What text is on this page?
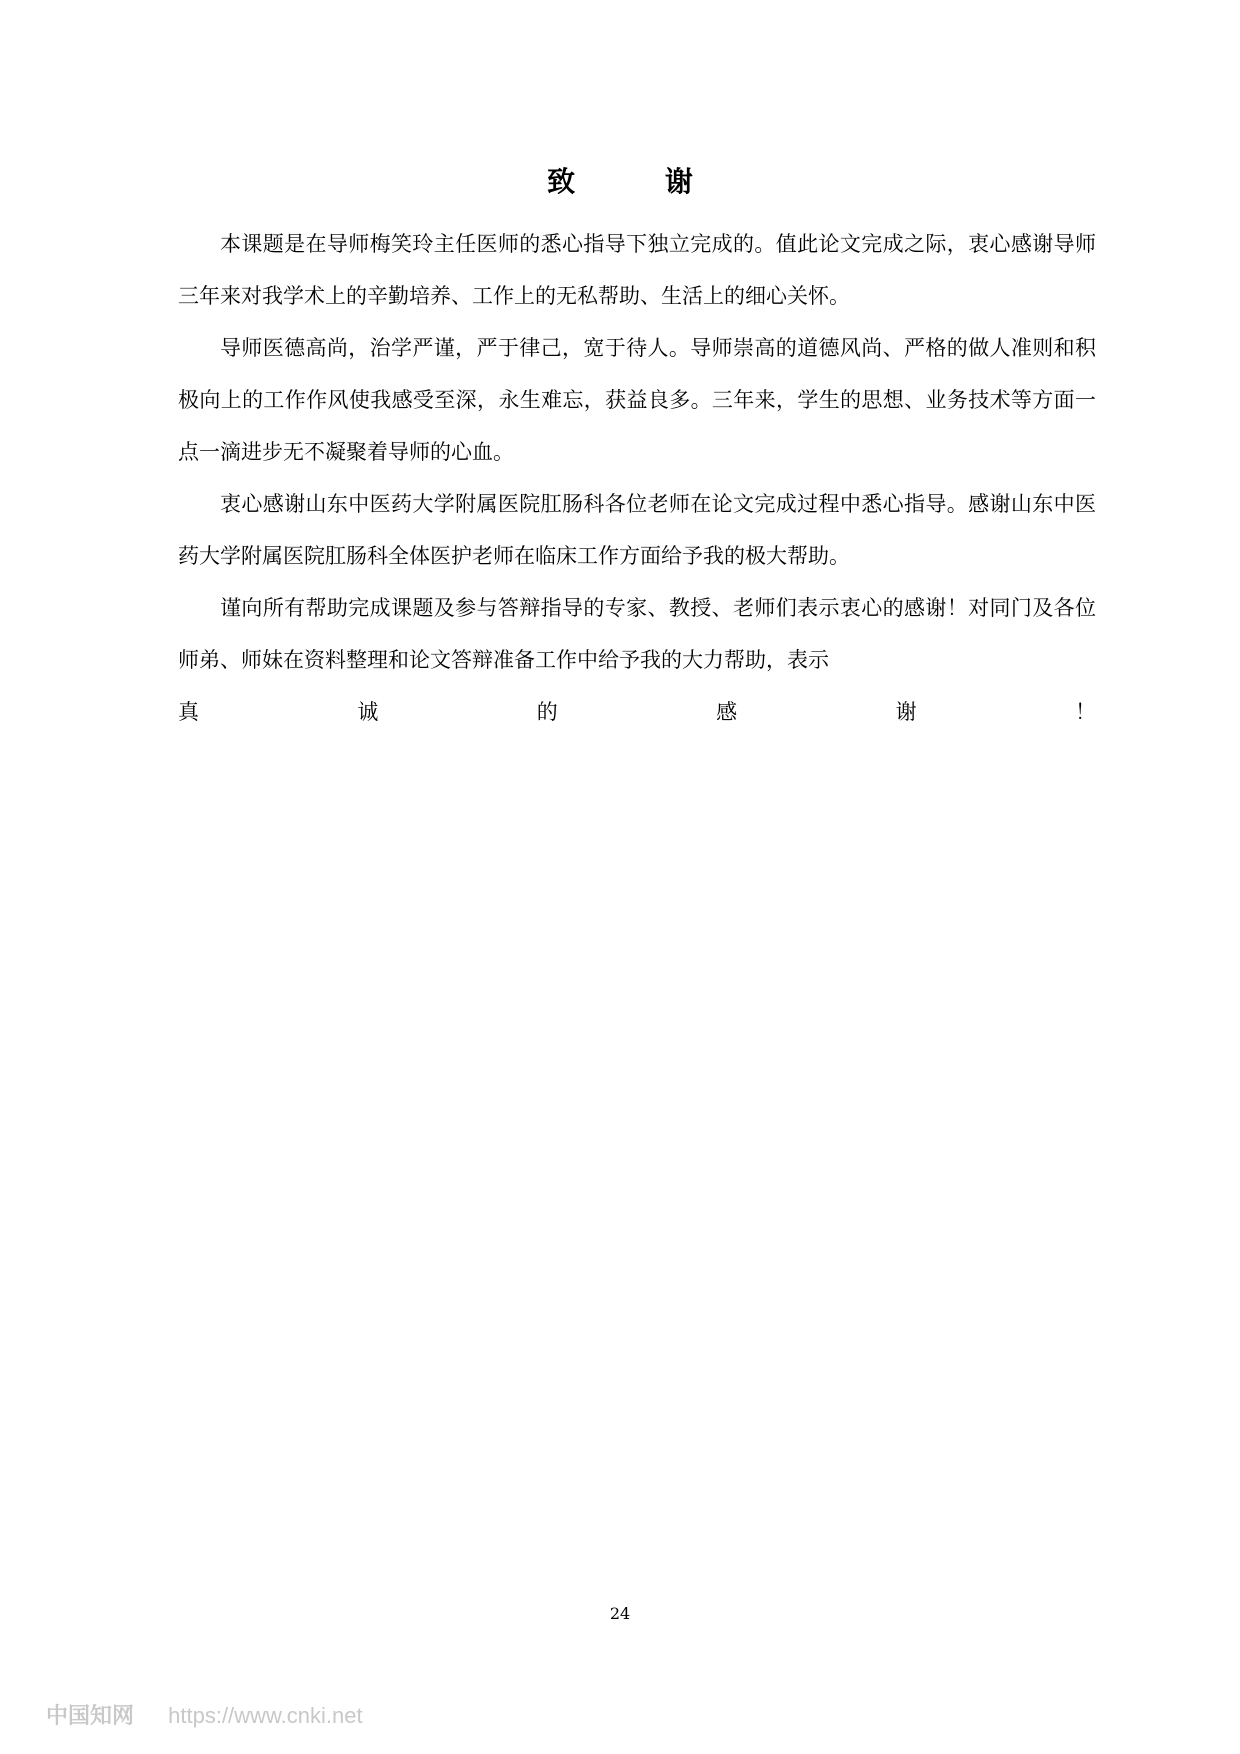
致 谢

本课题是在导师梅笑玲主任医师的悉心指导下独立完成的。值此论文完成之际，衷心感谢导师三年来对我学术上的辛勤培养、工作上的无私帮助、生活上的细心关怀。

导师医德高尚，治学严谨，严于律己，宽于待人。导师崇高的道德风尚、严格的做人准则和积极向上的工作作风使我感受至深，永生难忘，获益良多。三年来，学生的思想、业务技术等方面一点一滴进步无不凝聚着导师的心血。

衷心感谢山东中医药大学附属医院肛肠科各位老师在论文完成过程中悉心指导。感谢山东中医药大学附属医院肛肠科全体医护老师在临床工作方面给予我的极大帮助。

谨向所有帮助完成课题及参与答辩指导的专家、教授、老师们表示衷心的感谢！对同门及各位师弟、师妹在资料整理和论文答辩准备工作中给予我的大力帮助，表示

真	诚	的	感	谢	！
24
中国知网 https://www.cnki.net
